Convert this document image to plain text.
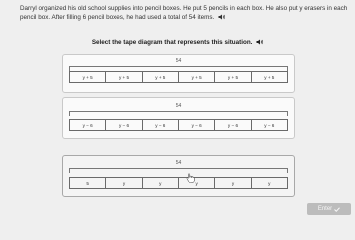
Darryl organized his old school supplies into pencil boxes. He put 5 pencils in each box. He also put y erasers in each pencil box. After filling 6 pencil boxes, he had used a total of 54 items.
Select the tape diagram that represents this situation.
54
y + 5	y + 5	y + 5	y + 5	y + 5	y + 5
54
y − 6	y − 6	y − 6	y − 6	y − 6	y − 6
54
5	y	y	y	y	y
Enter
